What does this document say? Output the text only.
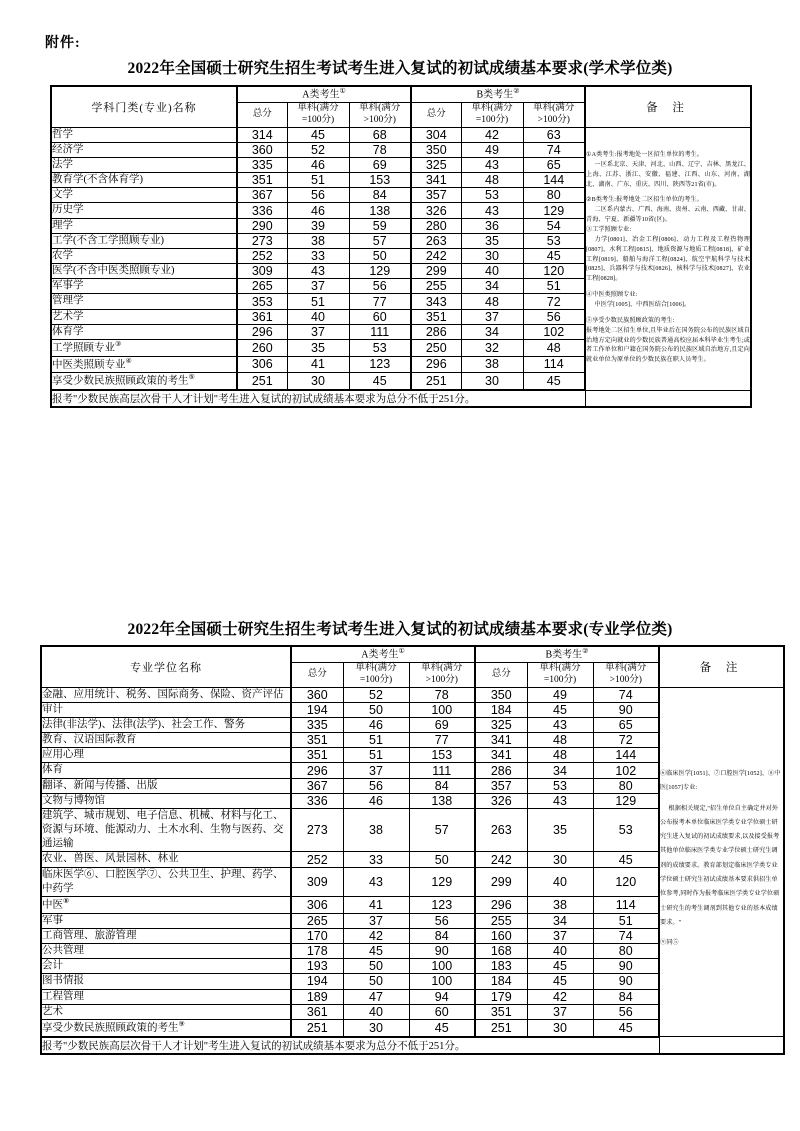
附件:
2022年全国硕士研究生招生考试考生进入复试的初试成绩基本要求(学术学位类)
学科门类(专业)名称	A类考生①			B类考生②			备 注
	总分	单科(满分
=100分)	单科(满分
>100分)	总分	单科(满分
=100分)	单科(满分
>100分)	
哲学	314	45	68	304	42	63	
①A类考生:报考地处一区招生单位的考生。
一区系北京、天津、河北、山西、辽宁、吉林、黑龙江、上海、江苏、浙江、安徽、福建、江西、山东、河南、湖北、湖南、广东、重庆、四川、陕西等21省(市)。
②B类考生:报考地处二区招生单位的考生。
二区系内蒙古、广西、海南、贵州、云南、西藏、甘肃、青海、宁夏、新疆等10省(区)。
③工学照顾专业:
力学[0801]、冶金工程[0806]、动力工程及工程热物理[0807]、水利工程[0815]、地质资源与地质工程[0818]、矿业工程[0819]、船舶与海洋工程[0824]、航空宇航科学与技术[0825]、兵器科学与技术[0826]、核科学与技术[0827]、农业工程[0828]。
④中医类照顾专业:
中医学[1005]、中西医结合[1006]。
⑤享受少数民族照顾政策的考生:
报考地处二区招生单位,且毕业后在国务院公布的民族区域自治地方定向就业的少数民族普通高校应届本科毕业生考生;或者工作单位和户籍在国务院公布的民族区域自治地方,且定向就业单位为原单位的少数民族在职人员考生。

经济学	360	52	78	350	49	74	
法学	335	46	69	325	43	65	
教育学(不含体育学)	351	51	153	341	48	144	
文学	367	56	84	357	53	80	
历史学	336	46	138	326	43	129	
理学	290	39	59	280	36	54	
工学(不含工学照顾专业)	273	38	57	263	35	53	
农学	252	33	50	242	30	45	
医学(不含中医类照顾专业)	309	43	129	299	40	120	
军事学	265	37	56	255	34	51	
管理学	353	51	77	343	48	72	
艺术学	361	40	60	351	37	56	
体育学	296	37	111	286	34	102	
工学照顾专业③	260	35	53	250	32	48	
中医类照顾专业④	306	41	123	296	38	114	
享受少数民族照顾政策的考生⑤	251	30	45	251	30	45	
报考"少数民族高层次骨干人才计划"考生进入复试的初试成绩基本要求为总分不低于251分。							
2022年全国硕士研究生招生考试考生进入复试的初试成绩基本要求(专业学位类)
专业学位名称	A类考生①			B类考生②			备 注
	总分	单科(满分
=100分)	单科(满分
>100分)	总分	单科(满分
=100分)	单科(满分
>100分)	
金融、应用统计、税务、国际商务、保险、资产评估	360	52	78	350	49	74	⑥临床医学[1051]、⑦口腔医学[1052]、⑧中医[1057]专业:
根据相关规定,"招生单位自主确定并对外公布报考本单位临床医学类专业学位硕士研究生进入复试的初试成绩要求,以及接受报考其他单位临床医学类专业学位硕士研究生调剂的成绩要求。教育部划定临床医学类专业学位硕士研究生初试成绩基本要求供招生单位参考,同时作为报考临床医学类专业学位硕士研究生的考生调剂到其他专业的基本成绩要求。"
⑨同⑤

审计	194	50	100	184	45	90	
法律(非法学)、法律(法学)、社会工作、警务	335	46	69	325	43	65	
教育、汉语国际教育	351	51	77	341	48	72	
应用心理	351	51	153	341	48	144	
体育	296	37	111	286	34	102	
翻译、新闻与传播、出版	367	56	84	357	53	80	
文物与博物馆	336	46	138	326	43	129	
建筑学、城市规划、电子信息、机械、材料与化工、资源与环境、能源动力、土木水利、生物与医药、交通运输	273	38	57	263	35	53	
农业、兽医、风景园林、林业	252	33	50	242	30	45	
临床医学⑥、口腔医学⑦、公共卫生、护理、药学、中药学	309	43	129	299	40	120	
中医⑧	306	41	123	296	38	114	
军事	265	37	56	255	34	51	
工商管理、旅游管理	170	42	84	160	37	74	
公共管理	178	45	90	168	40	80	
会计	193	50	100	183	45	90	
图书情报	194	50	100	184	45	90	
工程管理	189	47	94	179	42	84	
艺术	361	40	60	351	37	56	
享受少数民族照顾政策的考生⑨	251	30	45	251	30	45	
报考"少数民族高层次骨干人才计划"考生进入复试的初试成绩基本要求为总分不低于251分。							
